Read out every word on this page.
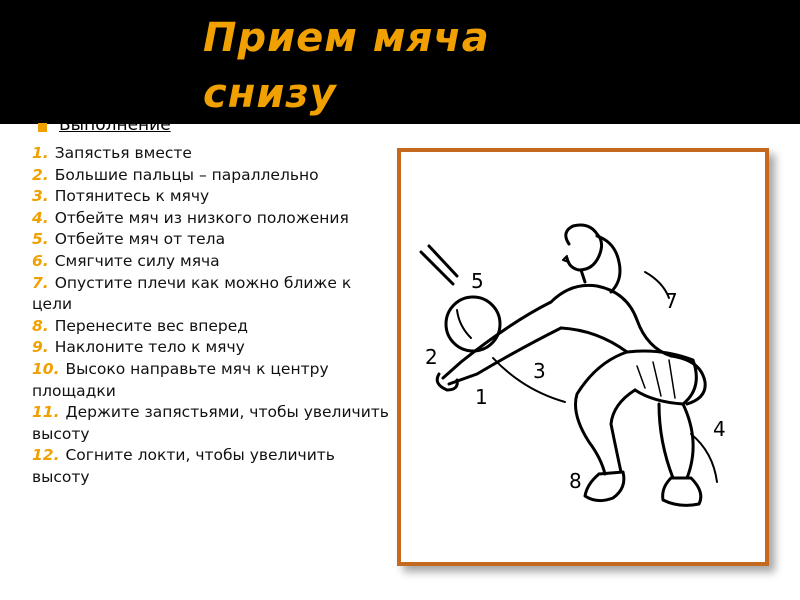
Прием мяча снизу
Выполнение
1. Запястья вместе
2. Большие пальцы – параллельно
3. Потянитесь к мячу
4. Отбейте мяч из низкого положения
5. Отбейте мяч от тела
6. Смягчите силу мяча
7. Опустите плечи как можно ближе к цели
8. Перенесите вес вперед
9. Наклоните тело к мячу
10. Высоко направьте мяч к центру площадки
11. Держите запястьями, чтобы увеличить высоту
12. Согните локти, чтобы увеличить высоту
1
2
3
4
5
7
8
